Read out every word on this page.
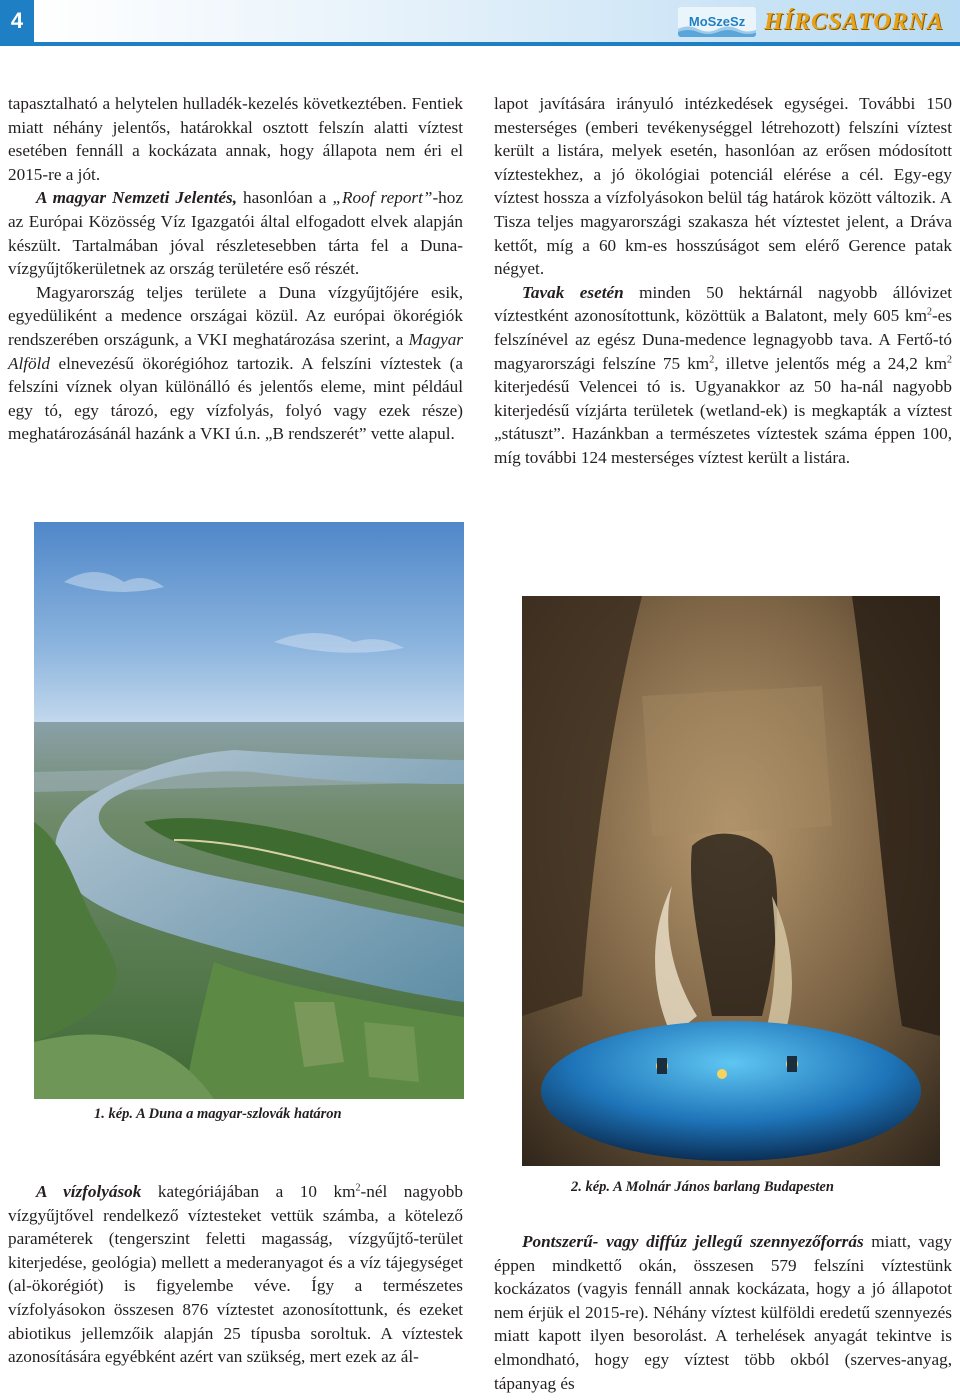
4	MoSzeSz HÍRCSATORNA

tapasztalható a helytelen hulladék-kezelés következtében. Fentiek miatt néhány jelentős, határokkal osztott felszín alatti víztest esetében fennáll a kockázata annak, hogy állapota nem éri el 2015-re a jót.

A magyar Nemzeti Jelentés, hasonlóan a „Roof report”-hoz az Európai Közösség Víz Igazgatói által elfogadott elvek alapján készült. Tartalmában jóval részletesebben tárta fel a Duna-vízgyűjtőkerületnek az ország területére eső részét.

Magyarország teljes területe a Duna vízgyűjtőjére esik, egyedüliként a medence országai közül. Az európai ökorégiók rendszerében országunk, a VKI meghatározása szerint, a Magyar Alföld elnevezésű ökorégióhoz tartozik. A felszíni víztestek (a felszíni víznek olyan különálló és jelentős eleme, mint például egy tó, egy tározó, egy vízfolyás, folyó vagy ezek része) meghatározásánál hazánk a VKI ú.n. „B rendszerét” vette alapul.

lapot javítására irányuló intézkedések egységei. További 150 mesterséges (emberi tevékenységgel létrehozott) felszíni víztest került a listára, melyek esetén, hasonlóan az erősen módosított víztestekhez, a jó ökológiai potenciál elérése a cél. Egy-egy víztest hossza a vízfolyásokon belül tág határok között változik. A Tisza teljes magyarországi szakasza hét víztestet jelent, a Dráva kettőt, míg a 60 km-es hosszúságot sem elérő Gerence patak négyet.

Tavak esetén minden 50 hektárnál nagyobb állóvizet víztestként azonosítottunk, közöttük a Balatont, mely 605 $km^2-es$ felszínével az egész Duna-medence legnagyobb tava. A Fertő-tó magyarországi felszíne 75 $km^2$, illetve jelentős még a 24,2 $km^2$ kiterjedésű Velencei tó is. Ugyanakkor az 50 ha-nál nagyobb kiterjedésű vízjárta területek (wetland-ek) is megkapták a víztest „státuszt”. Hazánkban a természetes víztestek száma éppen 100, míg további 124 mesterséges víztest került a listára.

1. kép. A Duna a magyar-szlovák határon
2. kép. A Molnár János barlang Budapesten

A vízfolyások kategóriájában a 10 $km^2$-nél nagyobb vízgyűjtővel rendelkező víztesteket vettük számba, a kötelező paraméterek (tengerszint feletti magasság, vízgyűjtő-terület kiterjedése, geológia) mellett a mederanyagot és a víz tájegységet (al-ökorégiót) is figyelembe véve. Így a természetes vízfolyásokon összesen 876 víztestet azonosítottunk, és ezeket abiotikus jellemzőik alapján 25 típusba soroltuk. A víztestek azonosítására egyébként azért van szükség, mert ezek az ál-

Pontszerű- vagy diffúz jellegű szennyezőforrás miatt, vagy éppen mindkettő okán, összesen 579 felszíni víztestünk kockázatos (vagyis fennáll annak kockázata, hogy a jó állapotot nem érjük el 2015-re). Néhány víztest külföldi eredetű szennyezés miatt kapott ilyen besorolást. A terhelések anyagát tekintve is elmondható, hogy egy víztest több okból (szerves-anyag, tápanyag és
